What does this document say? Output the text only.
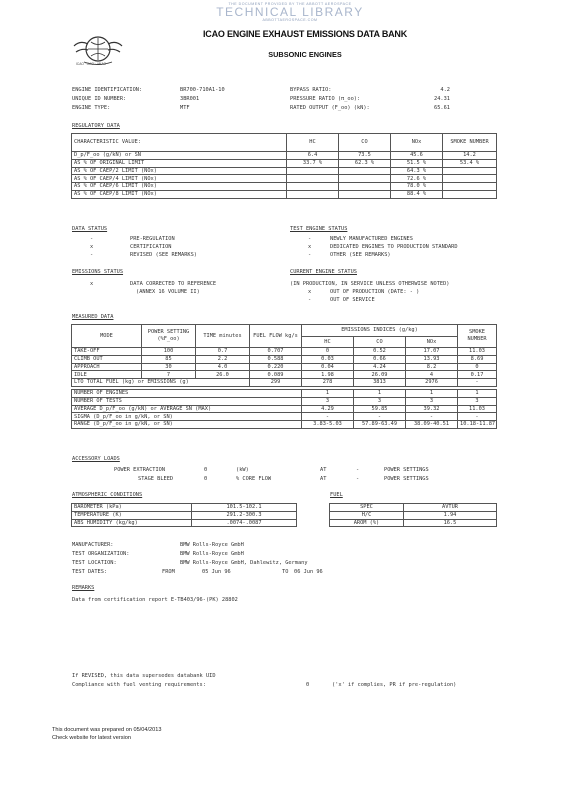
THE DOCUMENT PROVIDED BY THE ABBOTT AEROSPACE
TECHNICAL LIBRARY
ABBOTTAEROSPACE.COM
ICAO · OACI · ИКАО
ICAO ENGINE EXHAUST EMISSIONS DATA BANK
SUBSONIC ENGINES
ENGINE IDENTIFICATION:	BR700-710A1-10
UNIQUE ID NUMBER:	3BR001
ENGINE TYPE:	MTF
BYPASS RATIO:	4.2
PRESSURE RATIO (π_oo):	24.31
RATED OUTPUT (F_oo) (kN):	65.61
REGULATORY DATA
CHARACTERISTIC VALUE:	HC	CO	NOx	SMOKE NUMBER
D_p/F_oo (g/kN) or SN	6.4	73.5	45.6	14.2
AS % OF ORIGINAL LIMIT	33.7 %	62.3 %	51.5 %	53.4 %
AS % OF CAEP/2 LIMIT (NOx)			64.3 %	
AS % OF CAEP/4 LIMIT (NOx)			72.6 %	
AS % OF CAEP/6 LIMIT (NOx)			78.0 %	
AS % OF CAEP/8 LIMIT (NOx)			88.4 %	
DATA STATUS
-	PRE-REGULATION
x	CERTIFICATION
-	REVISED (SEE REMARKS)
TEST ENGINE STATUS
-	NEWLY MANUFACTURED ENGINES
x	DEDICATED ENGINES TO PRODUCTION STANDARD
-	OTHER (SEE REMARKS)
EMISSIONS STATUS
x	DATA CORRECTED TO REFERENCE
(ANNEX 16 VOLUME II)
CURRENT ENGINE STATUS
(IN PRODUCTION, IN SERVICE UNLESS OTHERWISE NOTED)
x	OUT OF PRODUCTION (DATE: - )
-	OUT OF SERVICE
MEASURED DATA
MODE	POWER SETTING (%F_oo)	TIME minutes	FUEL FLOW kg/s	EMISSIONS INDICES (g/kg)			SMOKE NUMBER
				HC	CO	NOx	
TAKE-OFF	100	0.7	0.707	0	0.52	17.07	11.03
CLIMB OUT	85	2.2	0.588	0.03	0.66	13.93	8.69
APPROACH	30	4.0	0.220	0.04	4.24	8.2	0
IDLE	7	26.0	0.089	1.98	26.09	4	0.17
LTO TOTAL FUEL (kg) or EMISSIONS (g)			299	278	3813	2976	-

NUMBER OF ENGINES				1	1	1	1
NUMBER OF TESTS				3	3	3	3
AVERAGE D_p/F_oo (g/kN) or AVERAGE SN (MAX)				4.29	59.85	39.32	11.03
SIGMA (D_p/F_oo in g/kN, or SN)				-	-	-	-
RANGE (D_p/F_oo in g/kN, or SN)				3.83-5.03	57.89-63.49	38.09-40.51	10.18-11.87
ACCESSORY LOADS
POWER EXTRACTION	0	(kW)	AT	-	POWER SETTINGS
STAGE BLEED	0	% CORE FLOW	AT	-	POWER SETTINGS
ATMOSPHERIC CONDITIONS
BAROMETER (kPa)	101.5-102.1
TEMPERATURE (K)	291.2-300.3
ABS HUMIDITY (kg/kg)	.0074-.0087
FUEL
SPEC	AVTUR
H/C	1.94
AROM (%)	16.5
MANUFACTURER:	BMW Rolls-Royce GmbH
TEST ORGANIZATION:	BMW Rolls-Royce GmbH
TEST LOCATION:	BMW Rolls-Royce GmbH, Dahlewitz, Germany
TEST DATES:	FROM	05 Jun 96	TO 06 Jun 96
REMARKS
Data from certification report E-TB403/96-(PK) 28802
If REVISED, this data supersedes databank UID
Compliance with fuel venting requirements:	0	('x' if complies, PR if pre-regulation)
This document was prepared on 05/04/2013
Check website for latest version
